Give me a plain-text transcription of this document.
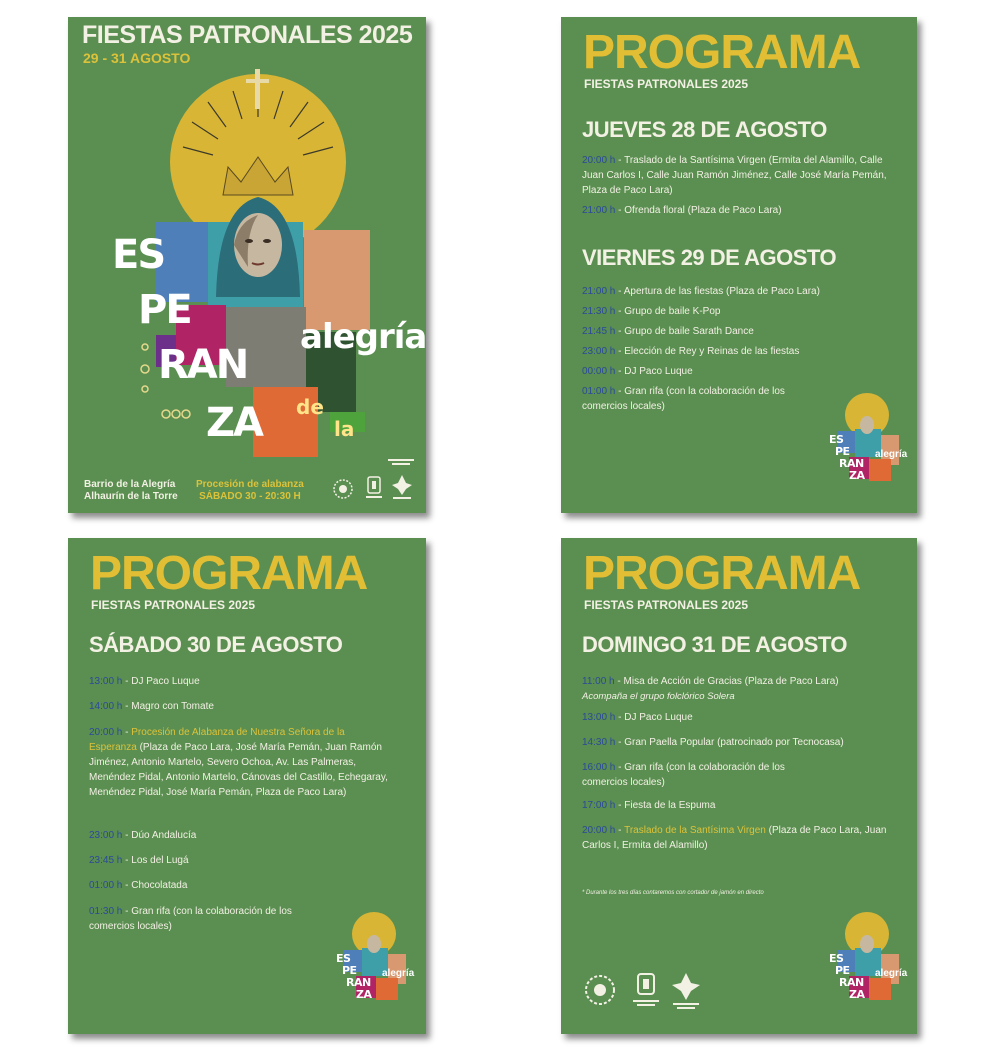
FIESTAS PATRONALES 2025
29 - 31 AGOSTO
ES
PE
RAN
ZA
alegría
de
la
Barrio de la Alegría
Alhaurín de la Torre
Procesión de alabanza
SÁBADO 30 - 20:30 H
PROGRAMA
FIESTAS PATRONALES 2025
JUEVES 28 DE AGOSTO
20:00 h - Traslado de la Santísima Virgen (Ermita del Alamillo, Calle Juan Carlos I, Calle Juan Ramón Jiménez, Calle José María Pemán, Plaza de Paco Lara)
21:00 h - Ofrenda floral (Plaza de Paco Lara)
VIERNES 29 DE AGOSTO
21:00 h - Apertura de las fiestas (Plaza de Paco Lara)
21:30 h - Grupo de baile K-Pop
21:45 h - Grupo de baile Sarath Dance
23:00 h - Elección de Rey y Reinas de las fiestas
00:00 h - DJ Paco Luque
01:00 h - Gran rifa (con la colaboración de los comercios locales)
ES
PE
RAN
ZA
alegría
PROGRAMA
FIESTAS PATRONALES 2025
SÁBADO 30 DE AGOSTO
13:00 h - DJ Paco Luque
14:00 h - Magro con Tomate
20:00 h - Procesión de Alabanza de Nuestra Señora de la Esperanza (Plaza de Paco Lara, José María Pemán, Juan Ramón Jiménez, Antonio Martelo, Severo Ochoa, Av. Las Palmeras, Menéndez Pidal, Antonio Martelo, Cánovas del Castillo, Echegaray, Menéndez Pidal, José María Pemán, Plaza de Paco Lara)
23:00 h - Dúo Andalucía
23:45 h - Los del Lugá
01:00 h - Chocolatada
01:30 h - Gran rifa (con la colaboración de los comercios locales)
ES
PE
RAN
ZA
alegría
PROGRAMA
FIESTAS PATRONALES 2025
DOMINGO 31 DE AGOSTO
11:00 h - Misa de Acción de Gracias (Plaza de Paco Lara)
Acompaña el grupo folclórico Solera
13:00 h - DJ Paco Luque
14:30 h - Gran Paella Popular (patrocinado por Tecnocasa)
16:00 h - Gran rifa (con la colaboración de los comercios locales)
17:00 h - Fiesta de la Espuma
20:00 h - Traslado de la Santísima Virgen (Plaza de Paco Lara, Juan Carlos I, Ermita del Alamillo)
* Durante los tres días contaremos con cortador de jamón en directo
ES
PE
RAN
ZA
alegría
